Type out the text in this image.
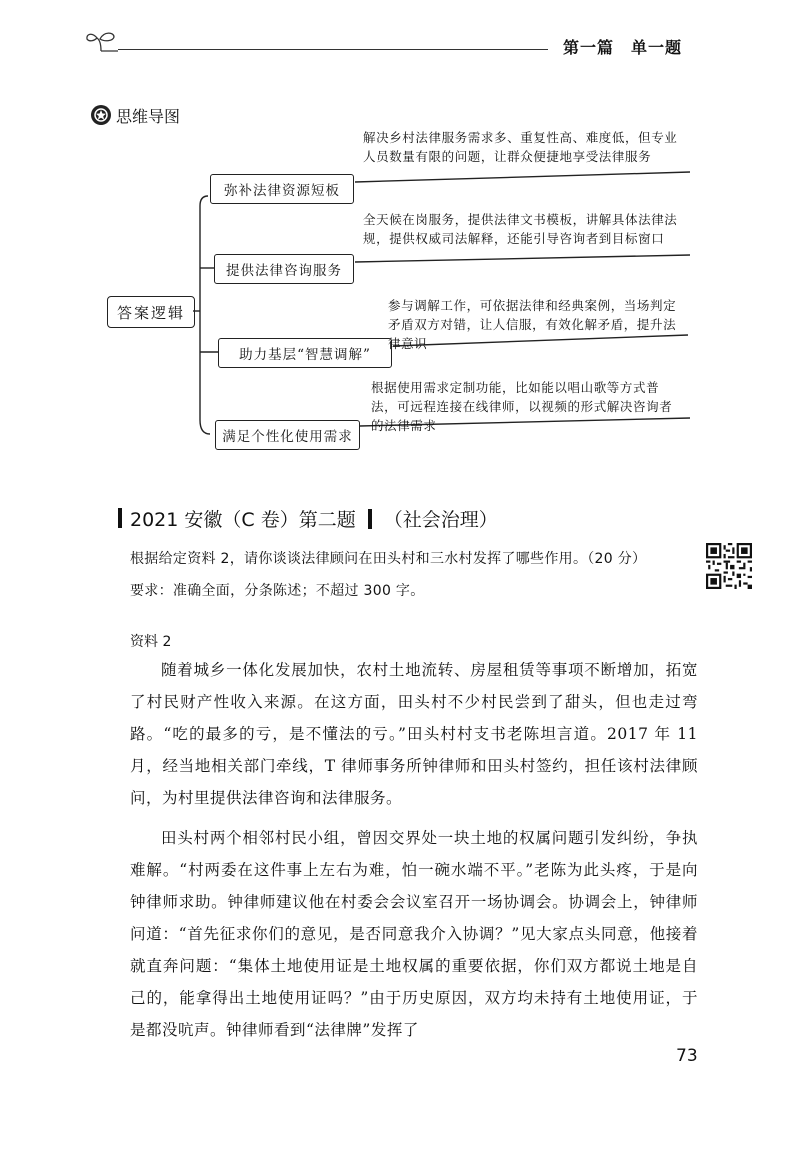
第一篇　单一题
思维导图
答案逻辑
弥补法律资源短板
解决乡村法律服务需求多、重复性高、难度低，但专业人员数量有限的问题，让群众便捷地享受法律服务
提供法律咨询服务
全天候在岗服务，提供法律文书模板，讲解具体法律法规，提供权威司法解释，还能引导咨询者到目标窗口
助力基层“智慧调解”
参与调解工作，可依据法律和经典案例，当场判定矛盾双方对错，让人信服，有效化解矛盾，提升法律意识
满足个性化使用需求
根据使用需求定制功能，比如能以唱山歌等方式普法，可远程连接在线律师，以视频的形式解决咨询者的法律需求
2021 安徽（C 卷）第二题 （社会治理）
根据给定资料 2，请你谈谈法律顾问在田头村和三水村发挥了哪些作用。（20 分）
要求：准确全面，分条陈述；不超过 300 字。
资料 2

随着城乡一体化发展加快，农村土地流转、房屋租赁等事项不断增加，拓宽了村民财产性收入来源。在这方面，田头村不少村民尝到了甜头，但也走过弯路。“吃的最多的亏，是不懂法的亏。”田头村村支书老陈坦言道。2017 年 11 月，经当地相关部门牵线，T 律师事务所钟律师和田头村签约，担任该村法律顾问，为村里提供法律咨询和法律服务。

田头村两个相邻村民小组，曾因交界处一块土地的权属问题引发纠纷，争执难解。“村两委在这件事上左右为难，怕一碗水端不平。”老陈为此头疼，于是向钟律师求助。钟律师建议他在村委会会议室召开一场协调会。协调会上，钟律师问道：“首先征求你们的意见，是否同意我介入协调？”见大家点头同意，他接着就直奔问题：“集体土地使用证是土地权属的重要依据，你们双方都说土地是自己的，能拿得出土地使用证吗？”由于历史原因，双方均未持有土地使用证，于是都没吭声。钟律师看到“法律牌”发挥了

73
